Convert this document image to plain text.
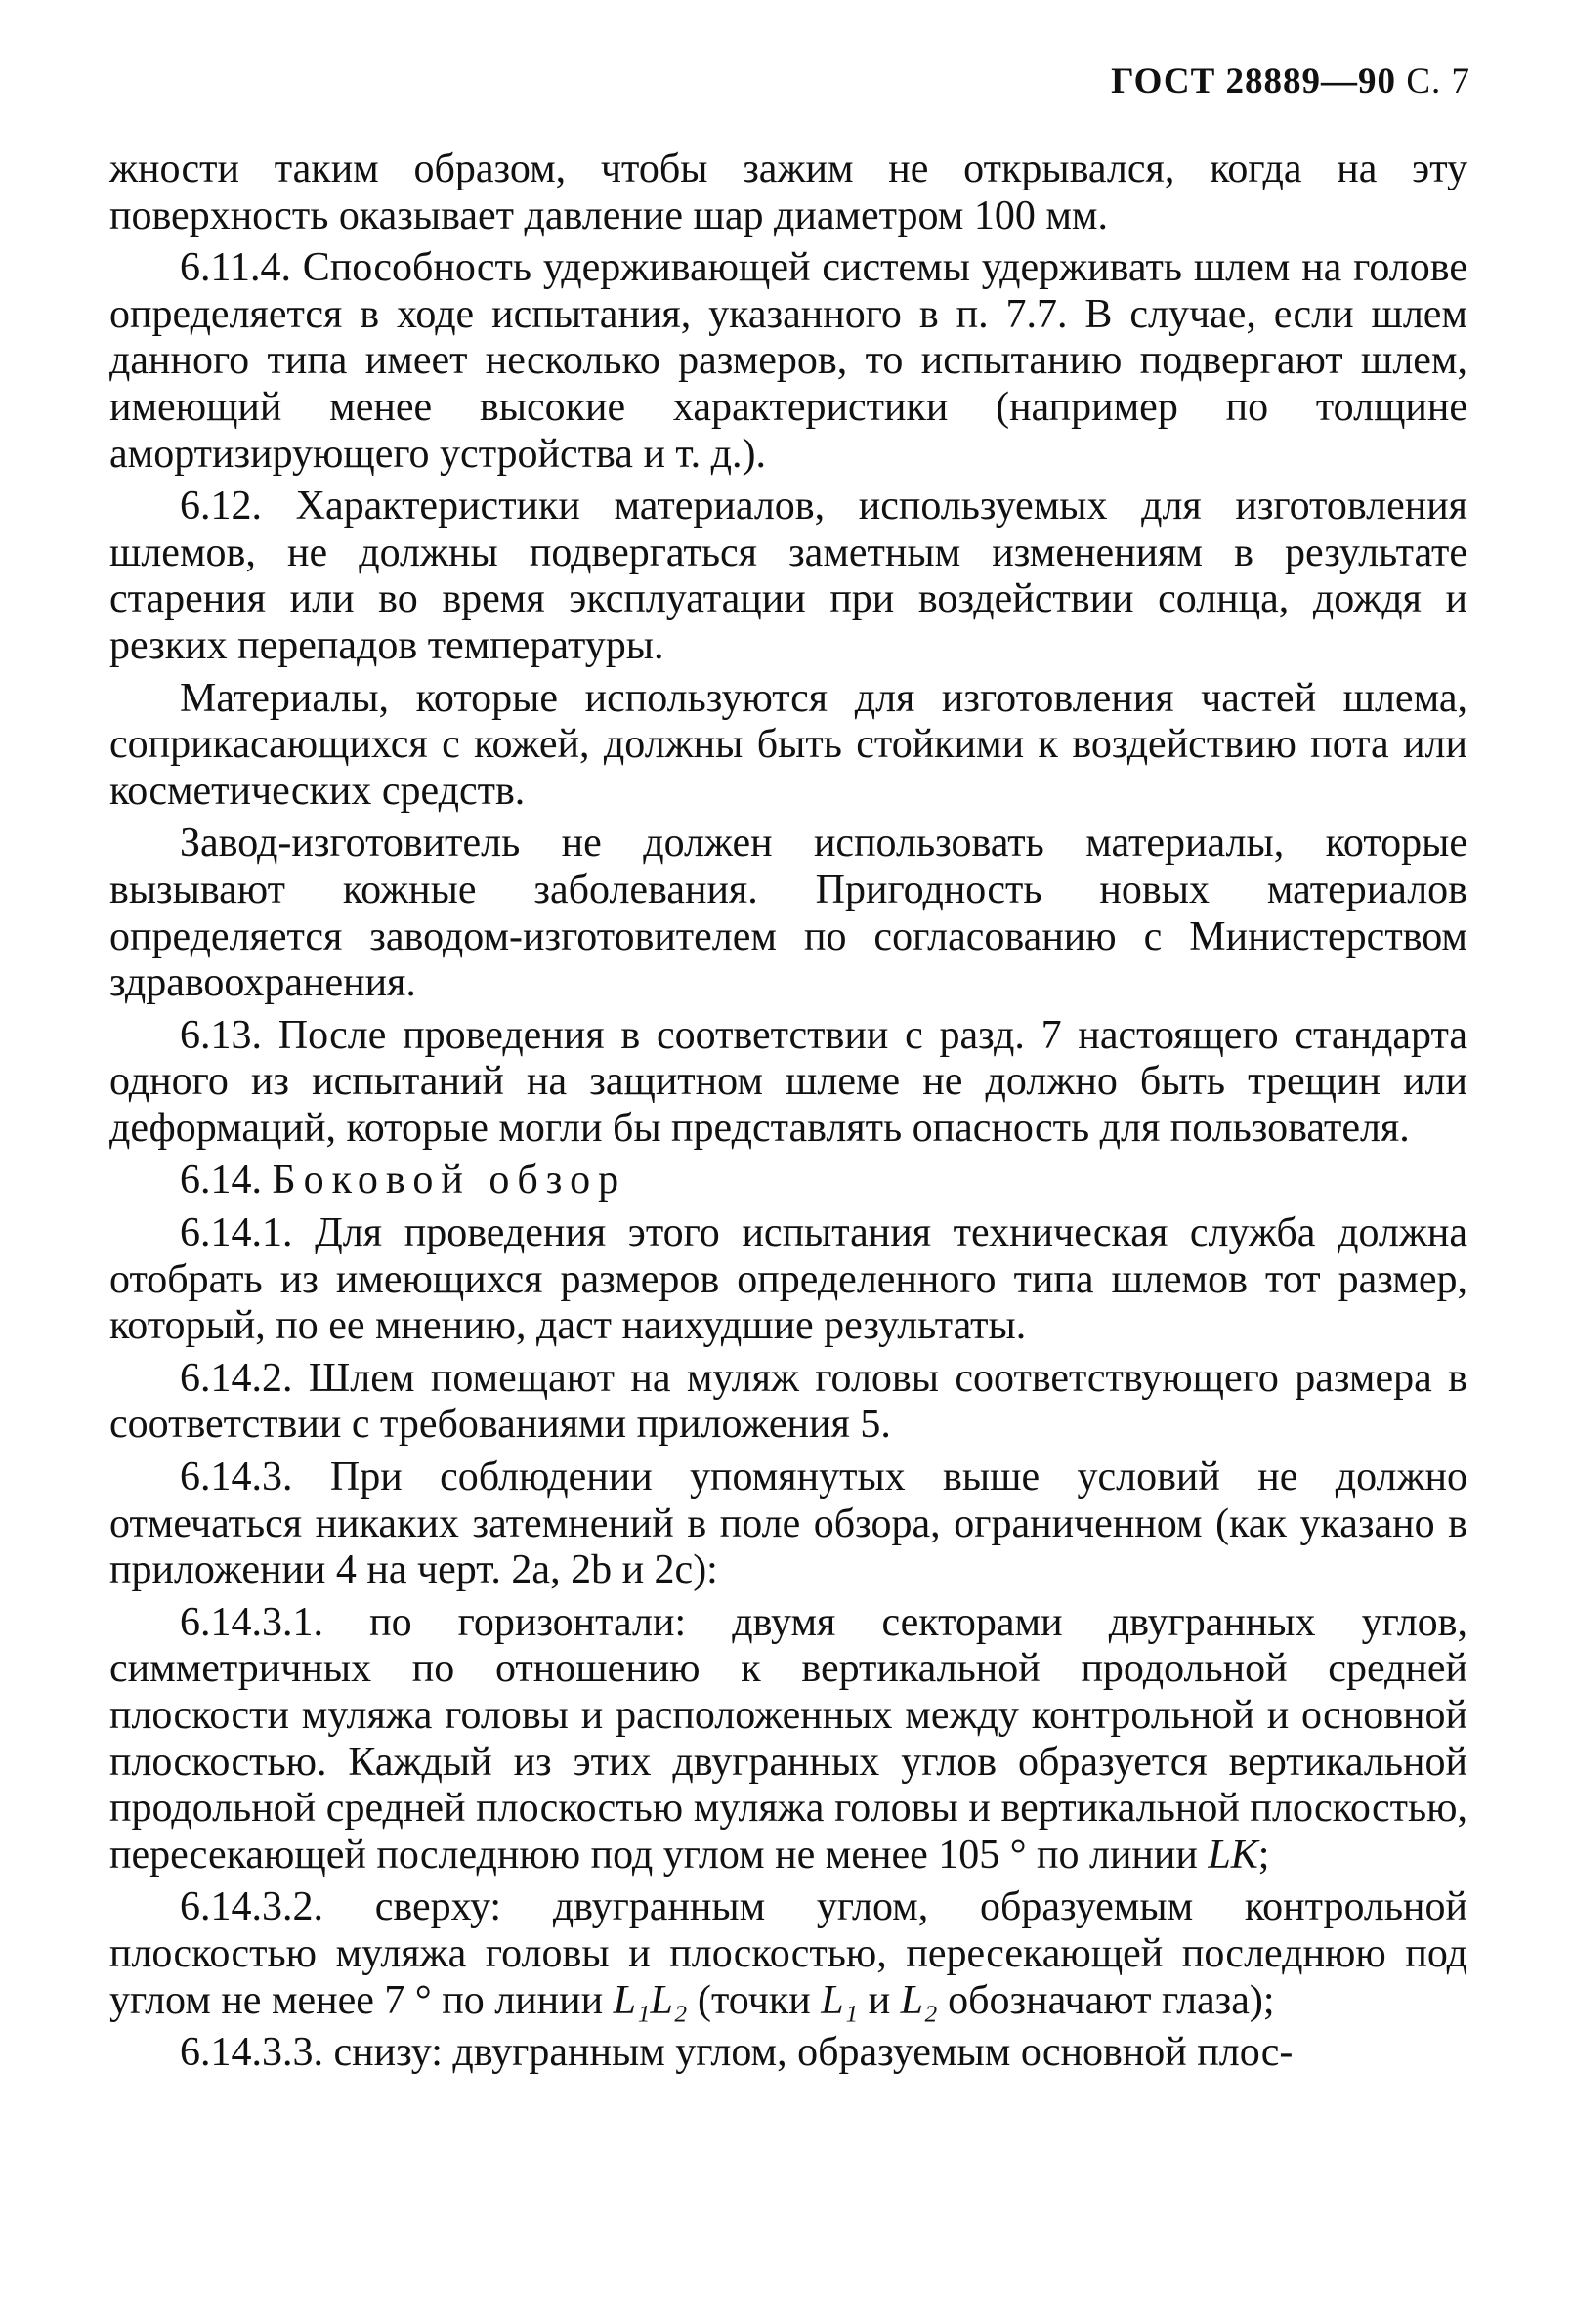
ГОСТ 28889—90 С. 7

жности таким образом, чтобы зажим не открывался, когда на эту поверхность оказывает давление шар диаметром 100 мм.

6.11.4. Способность удерживающей системы удерживать шлем на голове определяется в ходе испытания, указанного в п. 7.7. В случае, если шлем данного типа имеет несколько размеров, то испытанию подвергают шлем, имеющий менее высокие характеристики (например по толщине амортизирующего устройства и т. д.).

6.12. Характеристики материалов, используемых для изготовления шлемов, не должны подвергаться заметным изменениям в результате старения или во время эксплуатации при воздействии солнца, дождя и резких перепадов температуры.

Материалы, которые используются для изготовления частей шлема, соприкасающихся с кожей, должны быть стойкими к воздействию пота или косметических средств.

Завод-изготовитель не должен использовать материалы, которые вызывают кожные заболевания. Пригодность новых материалов определяется заводом-изготовителем по согласованию с Министерством здравоохранения.

6.13. После проведения в соответствии с разд. 7 настоящего стандарта одного из испытаний на защитном шлеме не должно быть трещин или деформаций, которые могли бы представлять опасность для пользователя.

6.14. Боковой обзор

6.14.1. Для проведения этого испытания техническая служба должна отобрать из имеющихся размеров определенного типа шлемов тот размер, который, по ее мнению, даст наихудшие результаты.

6.14.2. Шлем помещают на муляж головы соответствующего размера в соответствии с требованиями приложения 5.

6.14.3. При соблюдении упомянутых выше условий не должно отмечаться никаких затемнений в поле обзора, ограниченном (как указано в приложении 4 на черт. 2а, 2b и 2с):

6.14.3.1. по горизонтали: двумя секторами двугранных углов, симметричных по отношению к вертикальной продольной средней плоскости муляжа головы и расположенных между контрольной и основной плоскостью. Каждый из этих двугранных углов образуется вертикальной продольной средней плоскостью муляжа головы и вертикальной плоскостью, пересекающей последнюю под углом не менее 105 ° по линии LK;

6.14.3.2. сверху: двугранным углом, образуемым контрольной плоскостью муляжа головы и плоскостью, пересекающей последнюю под углом не менее 7 ° по линии L₁L₂ (точки L₁ и L₂ обозначают глаза);

6.14.3.3. снизу: двугранным углом, образуемым основной плос-
